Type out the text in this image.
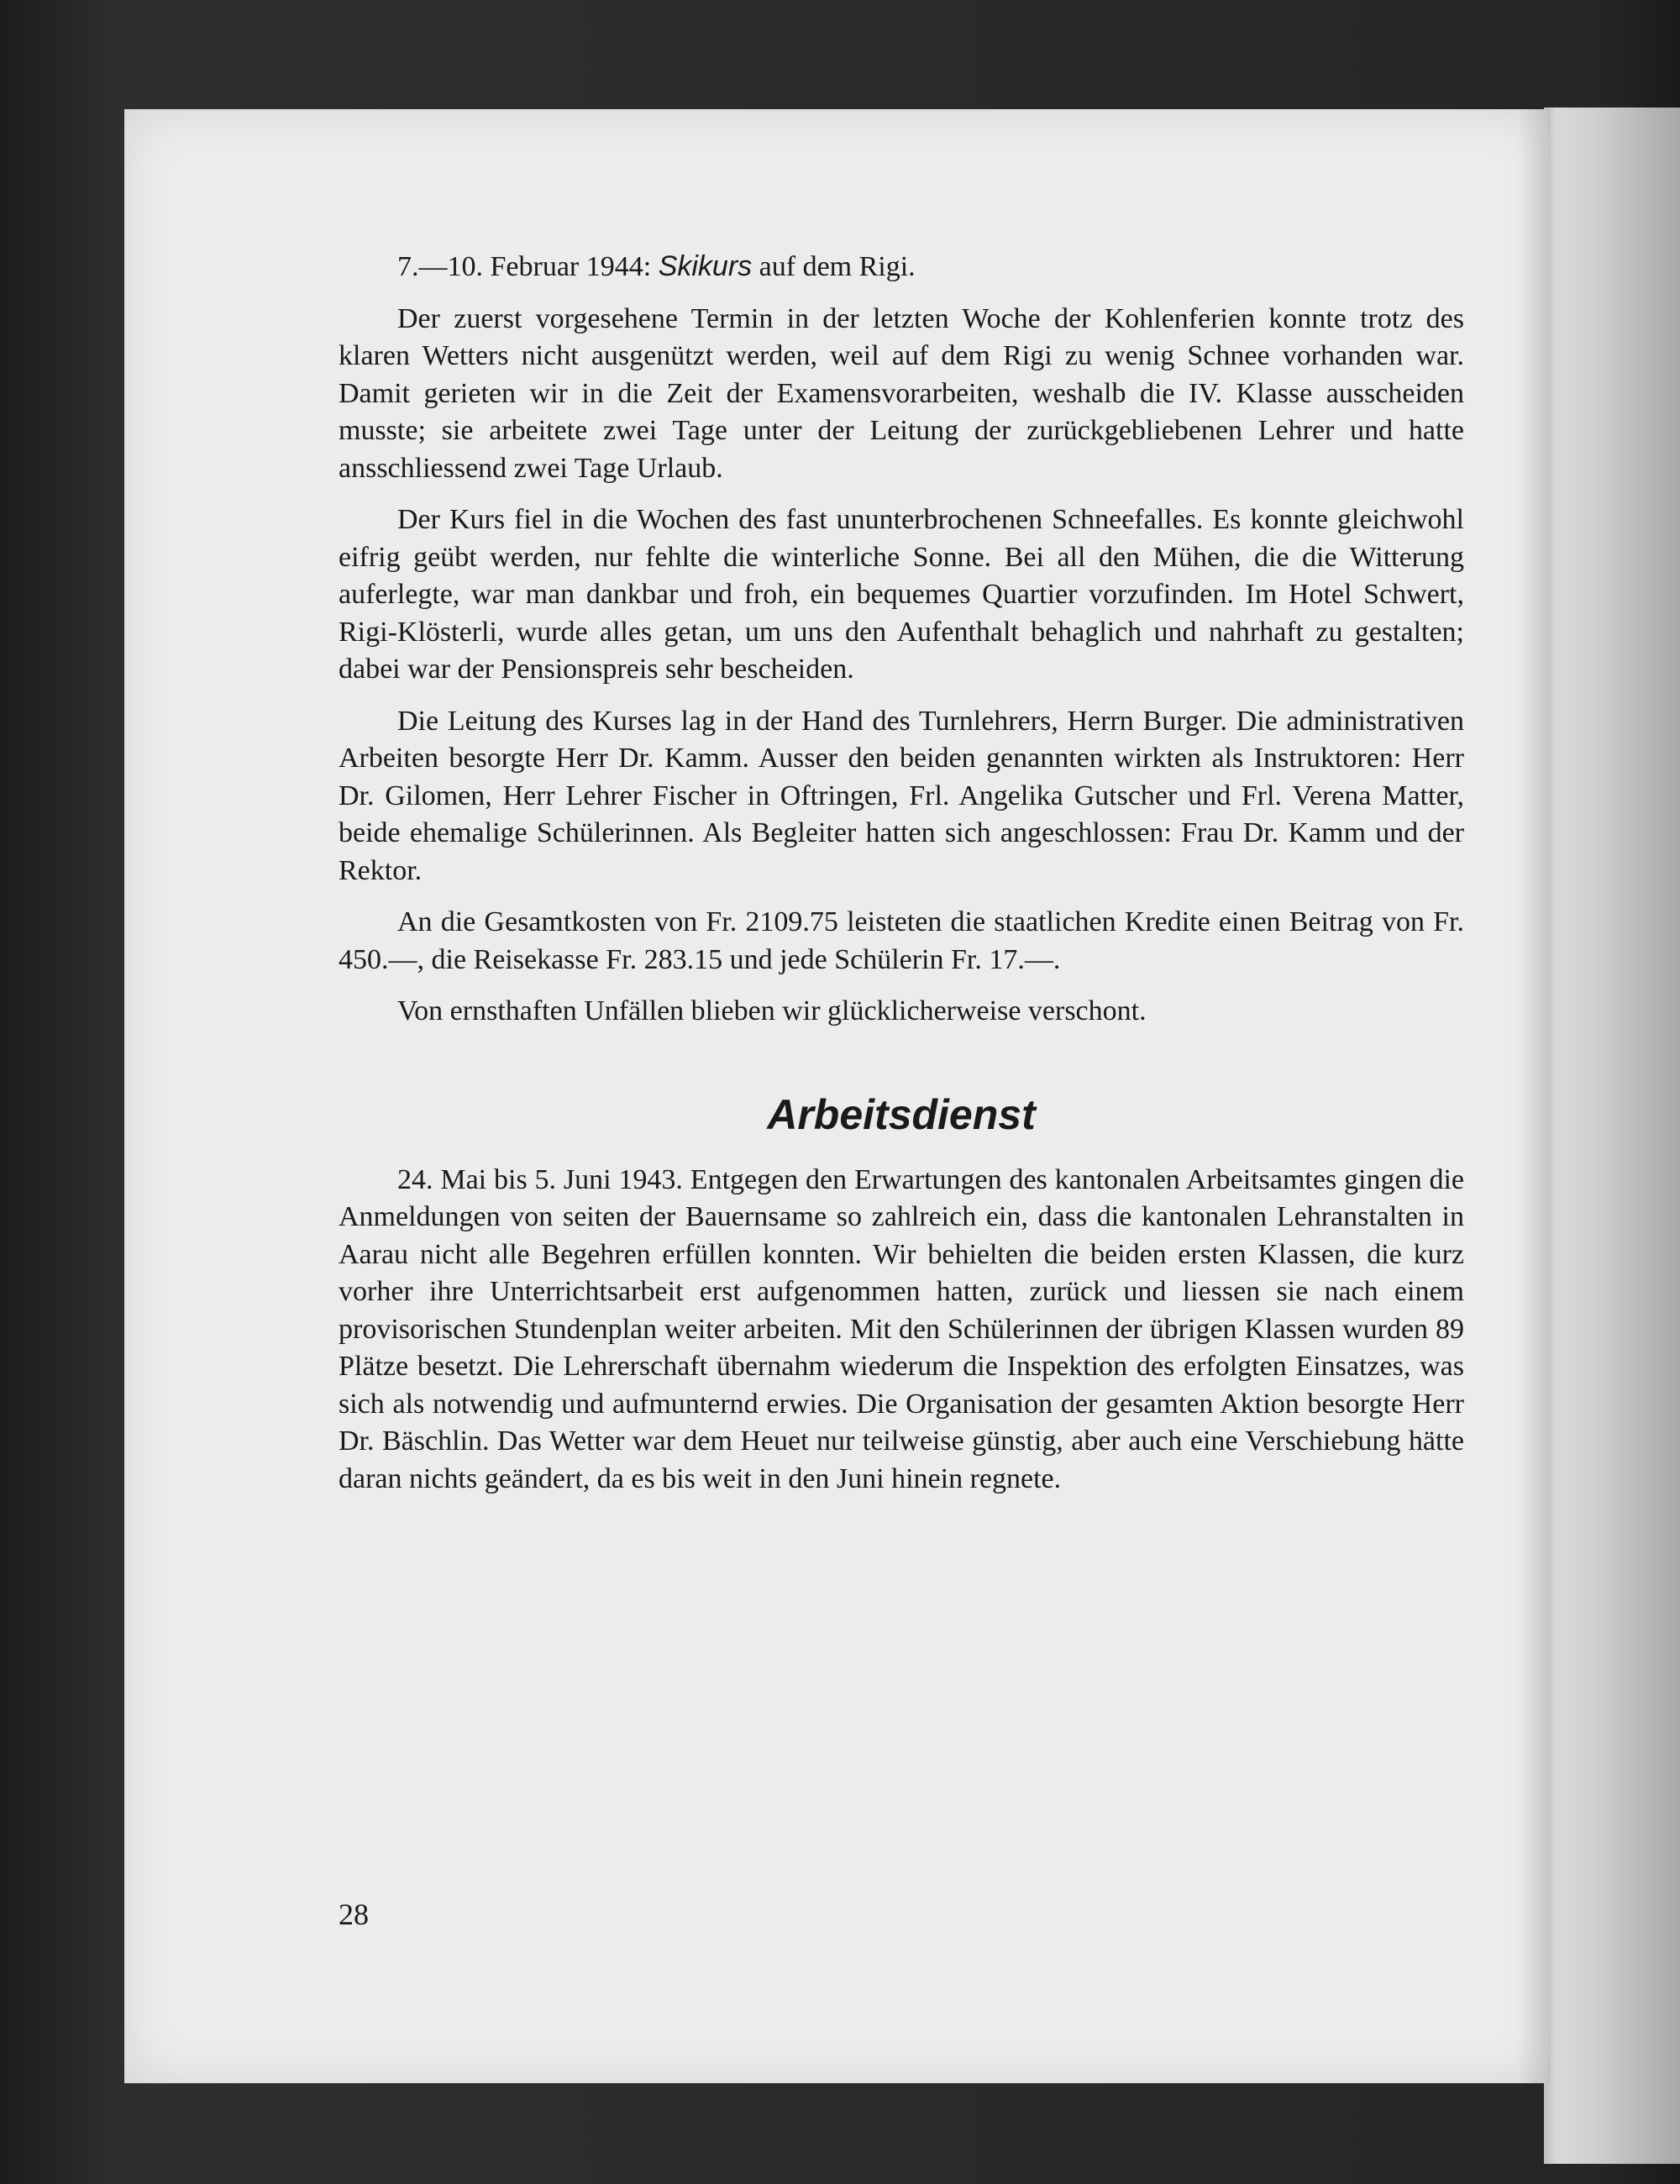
7.—10. Februar 1944: Skikurs auf dem Rigi.

Der zuerst vorgesehene Termin in der letzten Woche der Kohlenferien konnte trotz des klaren Wetters nicht ausgenützt werden, weil auf dem Rigi zu wenig Schnee vorhanden war. Damit gerieten wir in die Zeit der Examensvorarbeiten, weshalb die IV. Klasse ausscheiden musste; sie arbeitete zwei Tage unter der Leitung der zurückgebliebenen Lehrer und hatte ansschliessend zwei Tage Urlaub.

Der Kurs fiel in die Wochen des fast ununterbrochenen Schneefalles. Es konnte gleichwohl eifrig geübt werden, nur fehlte die winterliche Sonne. Bei all den Mühen, die die Witterung auferlegte, war man dankbar und froh, ein bequemes Quartier vorzufinden. Im Hotel Schwert, Rigi-Klösterli, wurde alles getan, um uns den Aufenthalt behaglich und nahrhaft zu gestalten; dabei war der Pensionspreis sehr bescheiden.

Die Leitung des Kurses lag in der Hand des Turnlehrers, Herrn Burger. Die administrativen Arbeiten besorgte Herr Dr. Kamm. Ausser den beiden genannten wirkten als Instruktoren: Herr Dr. Gilomen, Herr Lehrer Fischer in Oftringen, Frl. Angelika Gutscher und Frl. Verena Matter, beide ehemalige Schülerinnen. Als Begleiter hatten sich angeschlossen: Frau Dr. Kamm und der Rektor.

An die Gesamtkosten von Fr. 2109.75 leisteten die staatlichen Kredite einen Beitrag von Fr. 450.—, die Reisekasse Fr. 283.15 und jede Schülerin Fr. 17.—.

Von ernsthaften Unfällen blieben wir glücklicherweise verschont.

Arbeitsdienst

24. Mai bis 5. Juni 1943. Entgegen den Erwartungen des kantonalen Arbeitsamtes gingen die Anmeldungen von seiten der Bauernsame so zahlreich ein, dass die kantonalen Lehranstalten in Aarau nicht alle Begehren erfüllen konnten. Wir behielten die beiden ersten Klassen, die kurz vorher ihre Unterrichtsarbeit erst aufgenommen hatten, zurück und liessen sie nach einem provisorischen Stundenplan weiter arbeiten. Mit den Schülerinnen der übrigen Klassen wurden 89 Plätze besetzt. Die Lehrerschaft übernahm wiederum die Inspektion des erfolgten Einsatzes, was sich als notwendig und aufmunternd erwies. Die Organisation der gesamten Aktion besorgte Herr Dr. Bäschlin. Das Wetter war dem Heuet nur teilweise günstig, aber auch eine Verschiebung hätte daran nichts geändert, da es bis weit in den Juni hinein regnete.

28
